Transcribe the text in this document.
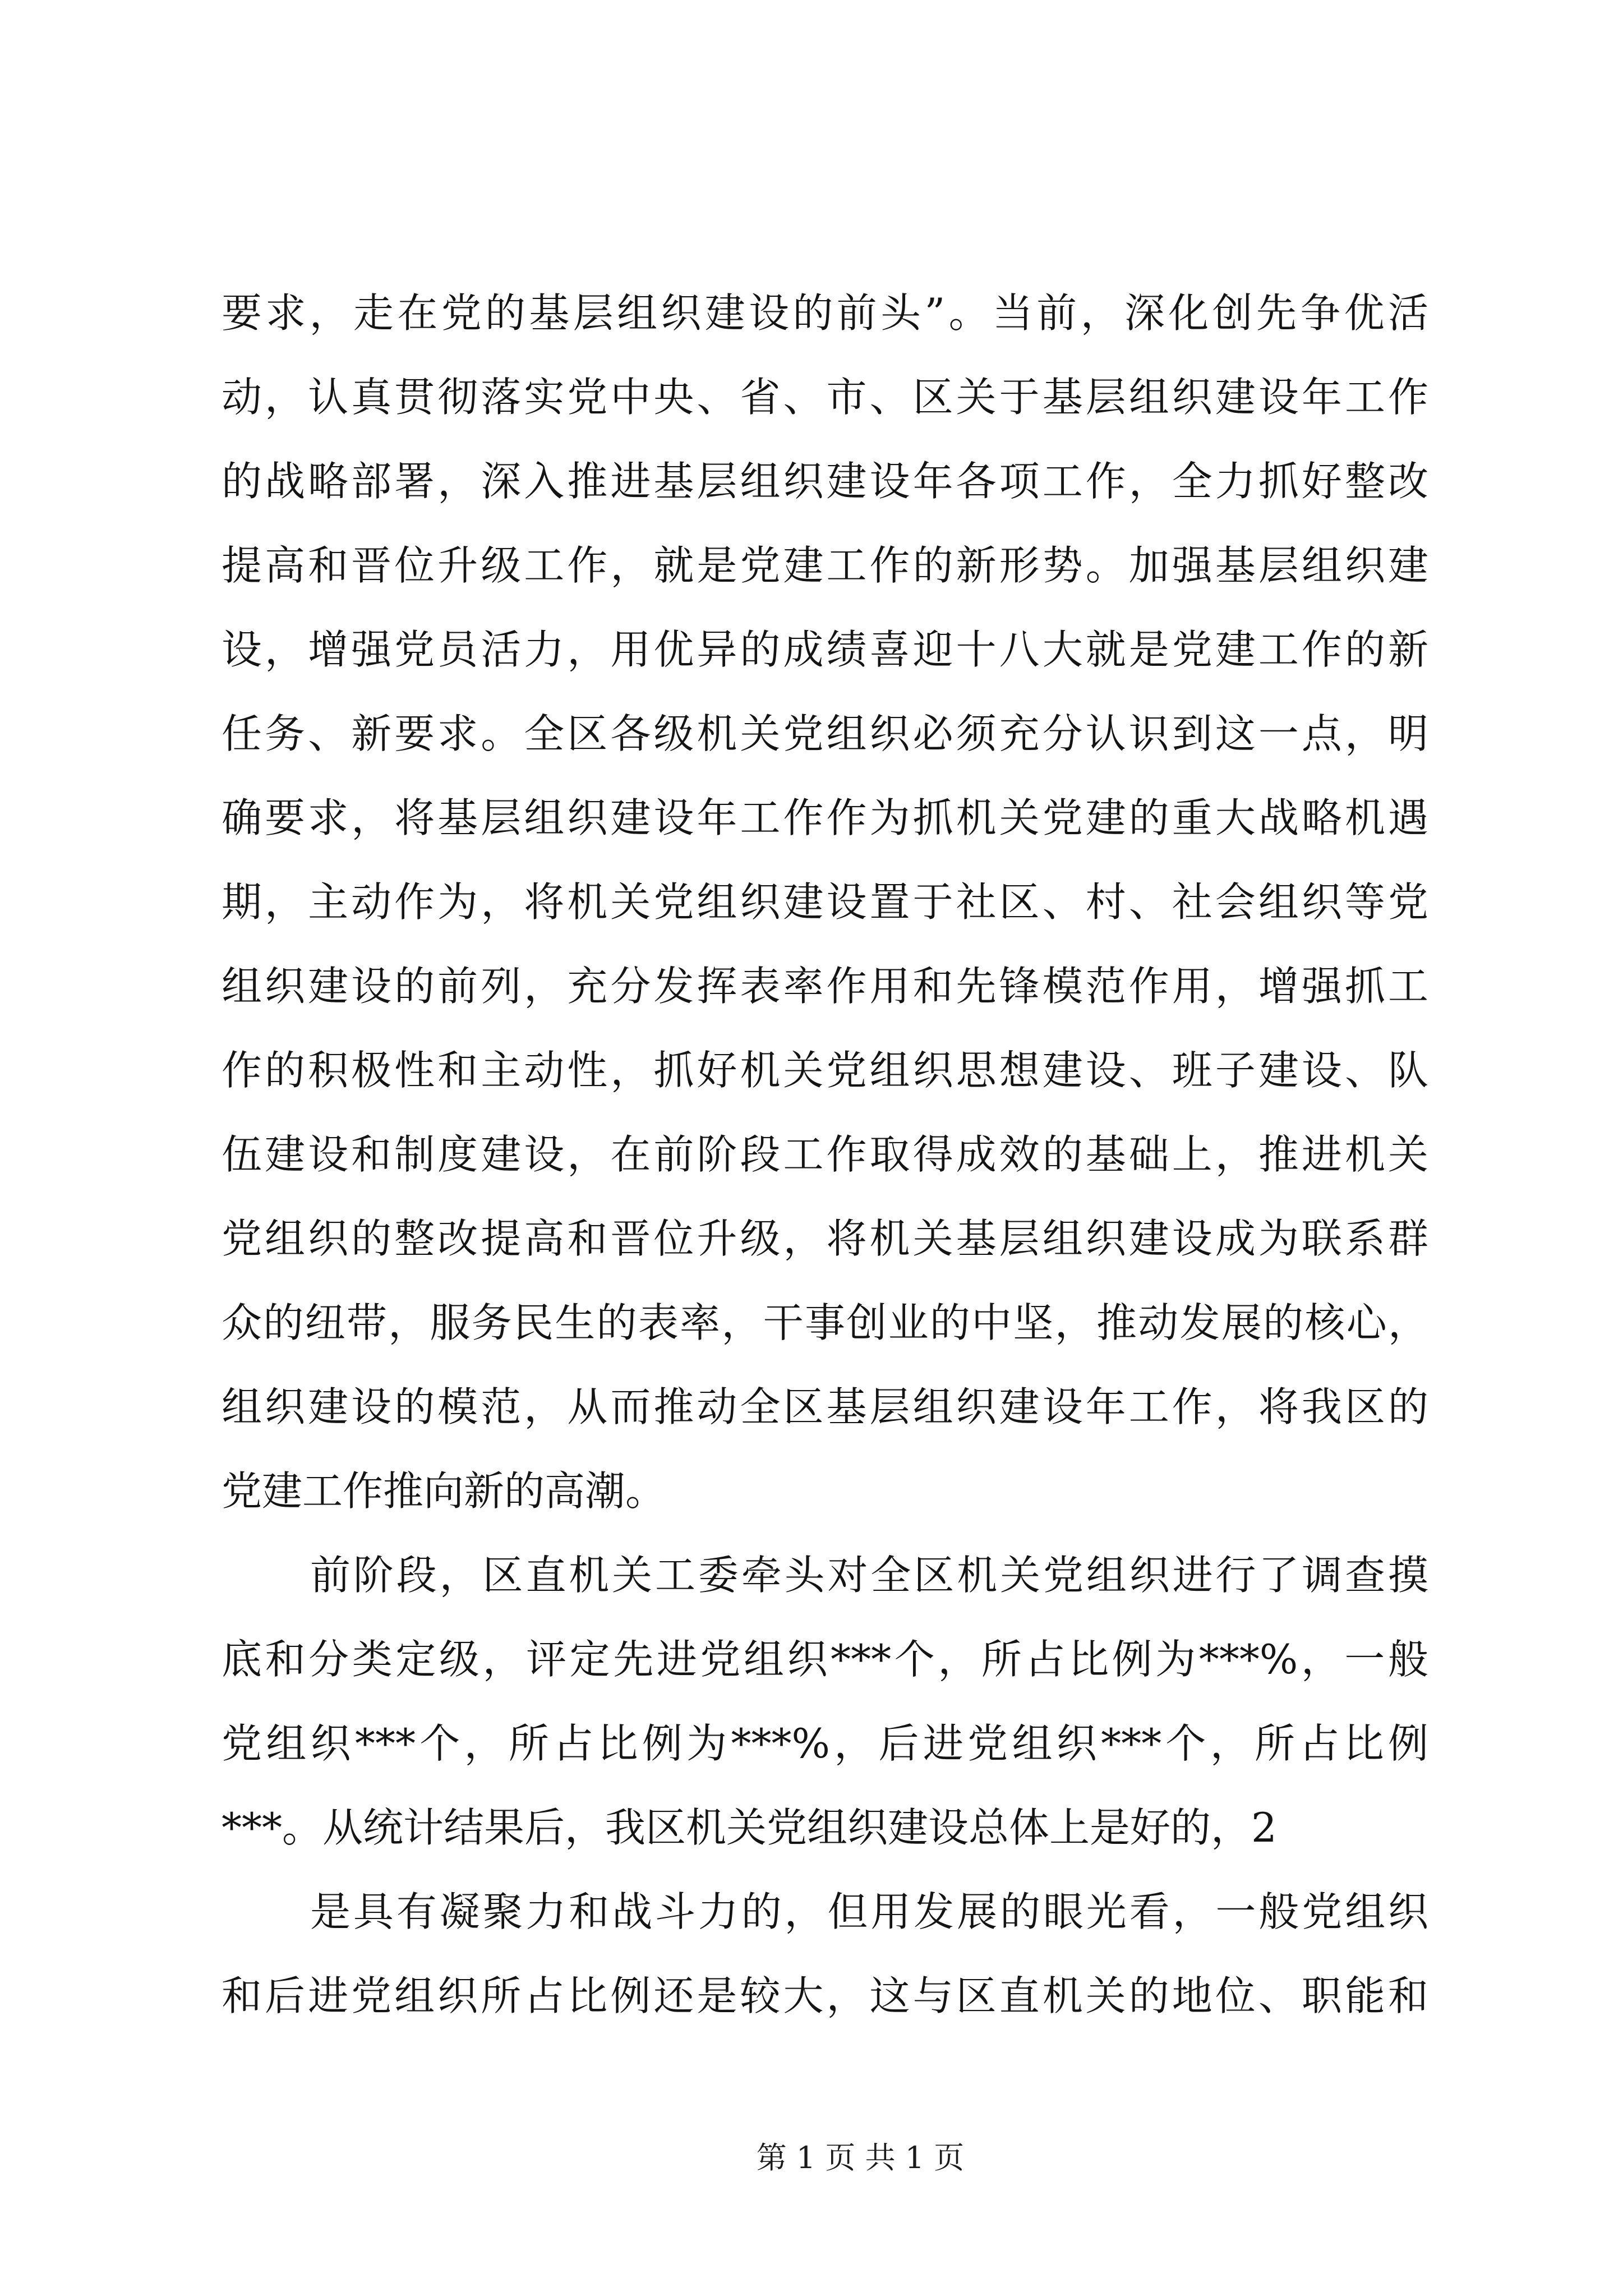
要求，走在党的基层组织建设的前头”。当前，深化创先争优活
动，认真贯彻落实党中央、省、市、区关于基层组织建设年工作
的战略部署，深入推进基层组织建设年各项工作，全力抓好整改
提高和晋位升级工作，就是党建工作的新形势。加强基层组织建
设，增强党员活力，用优异的成绩喜迎十八大就是党建工作的新
任务、新要求。全区各级机关党组织必须充分认识到这一点，明
确要求，将基层组织建设年工作作为抓机关党建的重大战略机遇
期，主动作为，将机关党组织建设置于社区、村、社会组织等党
组织建设的前列，充分发挥表率作用和先锋模范作用，增强抓工
作的积极性和主动性，抓好机关党组织思想建设、班子建设、队
伍建设和制度建设，在前阶段工作取得成效的基础上，推进机关
党组织的整改提高和晋位升级，将机关基层组织建设成为联系群
众的纽带，服务民生的表率，干事创业的中坚，推动发展的核心，
组织建设的模范，从而推动全区基层组织建设年工作，将我区的
党建工作推向新的高潮。
前阶段，区直机关工委牵头对全区机关党组织进行了调查摸
底和分类定级，评定先进党组织***个，所占比例为***%，一般
党组织***个，所占比例为***%，后进党组织***个，所占比例
***。从统计结果后，我区机关党组织建设总体上是好的，2
是具有凝聚力和战斗力的，但用发展的眼光看，一般党组织
和后进党组织所占比例还是较大，这与区直机关的地位、职能和
第 1 页 共 1 页
